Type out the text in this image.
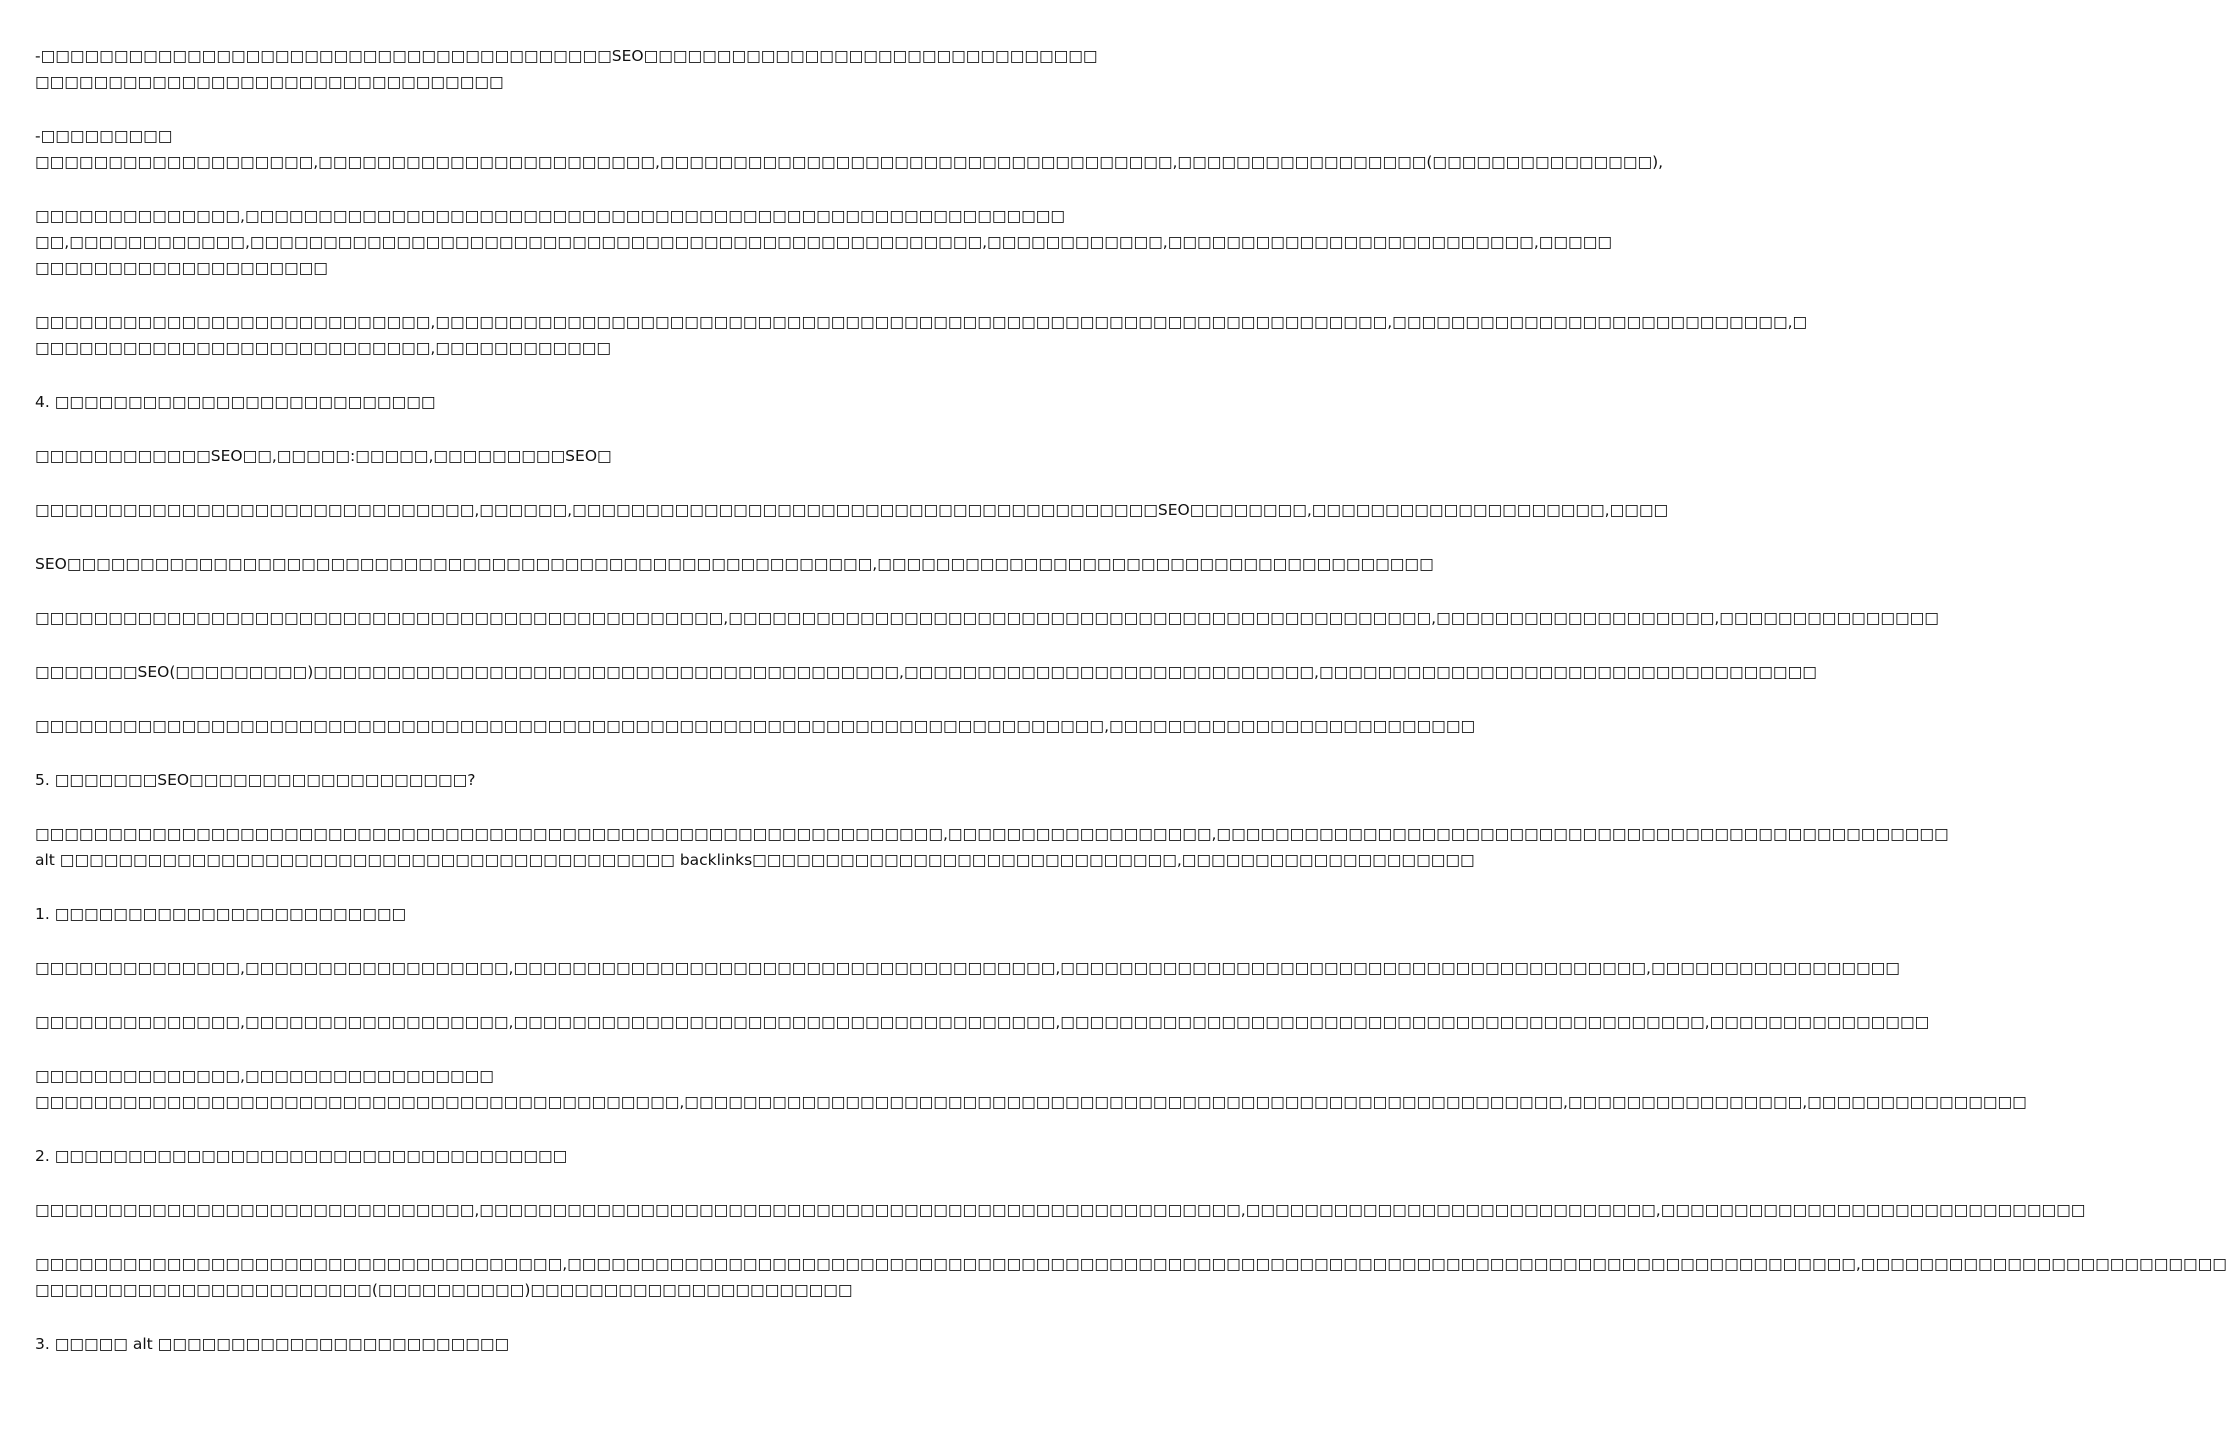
-□□□□□□□□□□□□□□□□□□□□□□□□□□□□□□□□□□□□□□□SEO□□□□□□□□□□□□□□□□□□□□□□□□□□□□□□□
□□□□□□□□□□□□□□□□□□□□□□□□□□□□□□□□
-□□□□□□□□□
□□□□□□□□□□□□□□□□□□□,□□□□□□□□□□□□□□□□□□□□□□□,□□□□□□□□□□□□□□□□□□□□□□□□□□□□□□□□□□□,□□□□□□□□□□□□□□□□□(□□□□□□□□□□□□□□□),
□□□□□□□□□□□□□□,□□□□□□□□□□□□□□□□□□□□□□□□□□□□□□□□□□□□□□□□□□□□□□□□□□□□□□□□
□□,□□□□□□□□□□□□,□□□□□□□□□□□□□□□□□□□□□□□□□□□□□□□□□□□□□□□□□□□□□□□□□□,□□□□□□□□□□□□,□□□□□□□□□□□□□□□□□□□□□□□□□,□□□□□
□□□□□□□□□□□□□□□□□□□□
□□□□□□□□□□□□□□□□□□□□□□□□□□□,□□□□□□□□□□□□□□□□□□□□□□□□□□□□□□□□□□□□□□□□□□□□□□□□□□□□□□□□□□□□□□□□□,□□□□□□□□□□□□□□□□□□□□□□□□□□□,□
□□□□□□□□□□□□□□□□□□□□□□□□□□□,□□□□□□□□□□□□
4. □□□□□□□□□□□□□□□□□□□□□□□□□□
□□□□□□□□□□□□SEO□□,□□□□□:□□□□□,□□□□□□□□□SEO□
□□□□□□□□□□□□□□□□□□□□□□□□□□□□□□,□□□□□□,□□□□□□□□□□□□□□□□□□□□□□□□□□□□□□□□□□□□□□□□SEO□□□□□□□□,□□□□□□□□□□□□□□□□□□□□,□□□□
SEO□□□□□□□□□□□□□□□□□□□□□□□□□□□□□□□□□□□□□□□□□□□□□□□□□□□□□□□,□□□□□□□□□□□□□□□□□□□□□□□□□□□□□□□□□□□□□□
□□□□□□□□□□□□□□□□□□□□□□□□□□□□□□□□□□□□□□□□□□□□□□□,□□□□□□□□□□□□□□□□□□□□□□□□□□□□□□□□□□□□□□□□□□□□□□□□,□□□□□□□□□□□□□□□□□□□,□□□□□□□□□□□□□□□
□□□□□□□SEO(□□□□□□□□□)□□□□□□□□□□□□□□□□□□□□□□□□□□□□□□□□□□□□□□□□,□□□□□□□□□□□□□□□□□□□□□□□□□□□□,□□□□□□□□□□□□□□□□□□□□□□□□□□□□□□□□□□
□□□□□□□□□□□□□□□□□□□□□□□□□□□□□□□□□□□□□□□□□□□□□□□□□□□□□□□□□□□□□□□□□□□□□□□□□,□□□□□□□□□□□□□□□□□□□□□□□□□
5. □□□□□□□SEO□□□□□□□□□□□□□□□□□□□?
□□□□□□□□□□□□□□□□□□□□□□□□□□□□□□□□□□□□□□□□□□□□□□□□□□□□□□□□□□□□□□,□□□□□□□□□□□□□□□□□□,□□□□□□□□□□□□□□□□□□□□□□□□□□□□□□□□□□□□□□□□□□□□□□□□□□
alt □□□□□□□□□□□□□□□□□□□□□□□□□□□□□□□□□□□□□□□□□□ backlinks□□□□□□□□□□□□□□□□□□□□□□□□□□□□□,□□□□□□□□□□□□□□□□□□□□
1. □□□□□□□□□□□□□□□□□□□□□□□□
□□□□□□□□□□□□□□,□□□□□□□□□□□□□□□□□□,□□□□□□□□□□□□□□□□□□□□□□□□□□□□□□□□□□□□□,□□□□□□□□□□□□□□□□□□□□□□□□□□□□□□□□□□□□□□□□,□□□□□□□□□□□□□□□□□
□□□□□□□□□□□□□□,□□□□□□□□□□□□□□□□□□,□□□□□□□□□□□□□□□□□□□□□□□□□□□□□□□□□□□□□,□□□□□□□□□□□□□□□□□□□□□□□□□□□□□□□□□□□□□□□□□□□□,□□□□□□□□□□□□□□□
□□□□□□□□□□□□□□,□□□□□□□□□□□□□□□□□
□□□□□□□□□□□□□□□□□□□□□□□□□□□□□□□□□□□□□□□□□□□□,□□□□□□□□□□□□□□□□□□□□□□□□□□□□□□□□□□□□□□□□□□□□□□□□□□□□□□□□□□□□,□□□□□□□□□□□□□□□□,□□□□□□□□□□□□□□□
2. □□□□□□□□□□□□□□□□□□□□□□□□□□□□□□□□□□□
□□□□□□□□□□□□□□□□□□□□□□□□□□□□□□,□□□□□□□□□□□□□□□□□□□□□□□□□□□□□□□□□□□□□□□□□□□□□□□□□□□□,□□□□□□□□□□□□□□□□□□□□□□□□□□□□,□□□□□□□□□□□□□□□□□□□□□□□□□□□□□
□□□□□□□□□□□□□□□□□□□□□□□□□□□□□□□□□□□□,□□□□□□□□□□□□□□□□□□□□□□□□□□□□□□□□□□□□□□□□□□□□□□□□□□□□□□□□□□□□□□□□□□□□□□□□□□□□□□□□□□□□□□□□,□□□□□□□□□□□□□□□□□□□□□□□□□
□□□□□□□□□□□□□□□□□□□□□□□(□□□□□□□□□□)□□□□□□□□□□□□□□□□□□□□□□
3. □□□□□ alt □□□□□□□□□□□□□□□□□□□□□□□□
